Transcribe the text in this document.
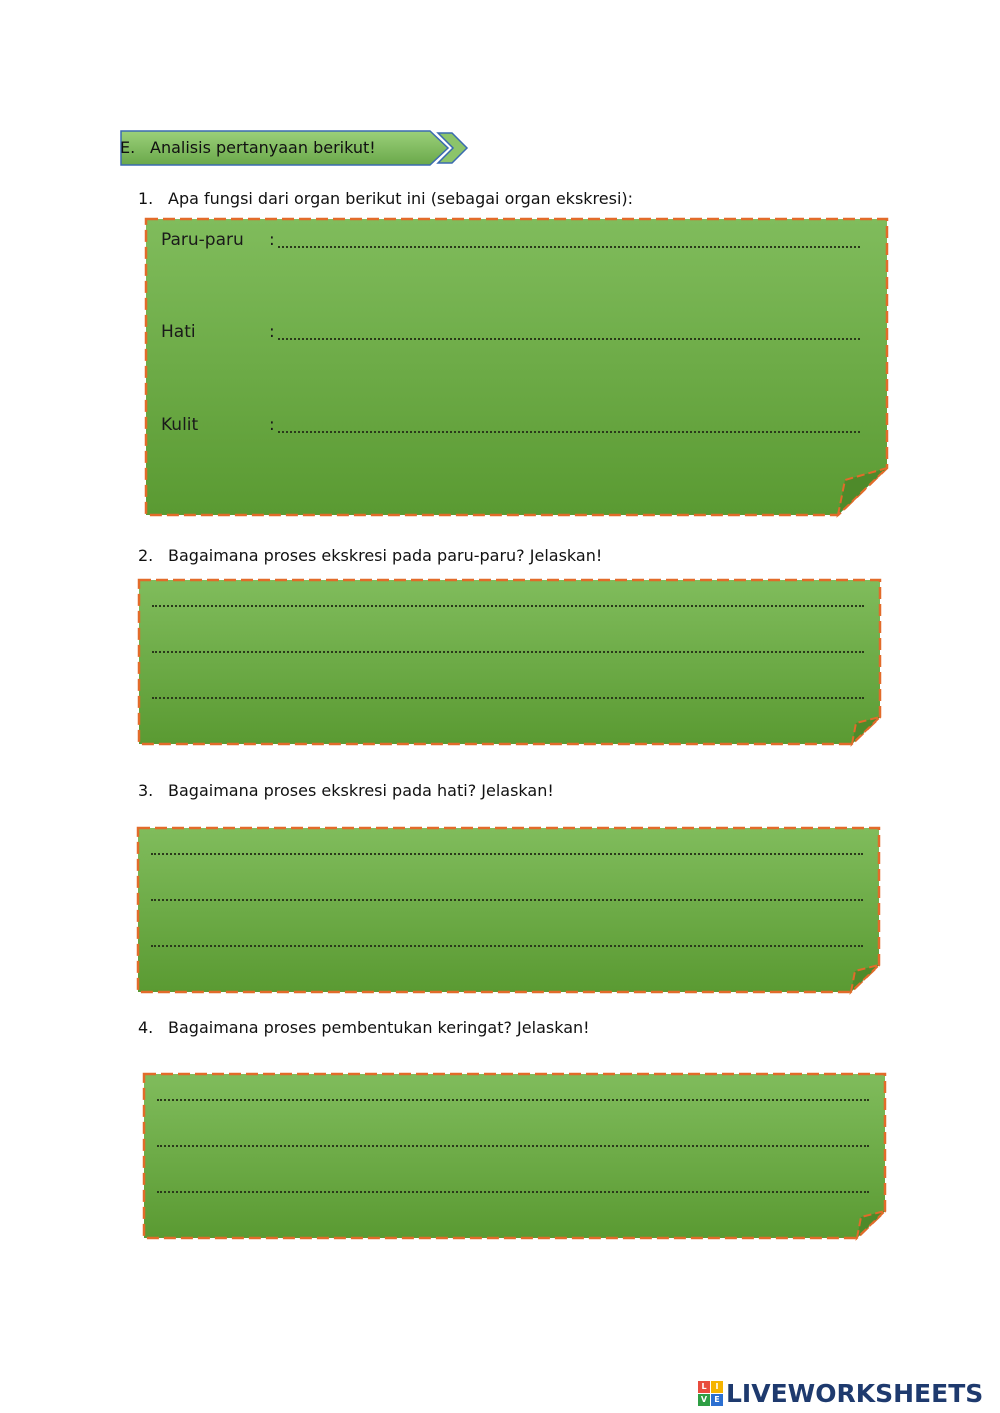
E. Analisis pertanyaan berikut!
1. Apa fungsi dari organ berikut ini (sebagai organ ekskresi):
Paru-paru :
Hati	:
Kulit	:
2. Bagaimana proses ekskresi pada paru-paru? Jelaskan!
3. Bagaimana proses ekskresi pada hati? Jelaskan!
4. Bagaimana proses pembentukan keringat? Jelaskan!
L	I
V E LIVEWORKSHEETS
